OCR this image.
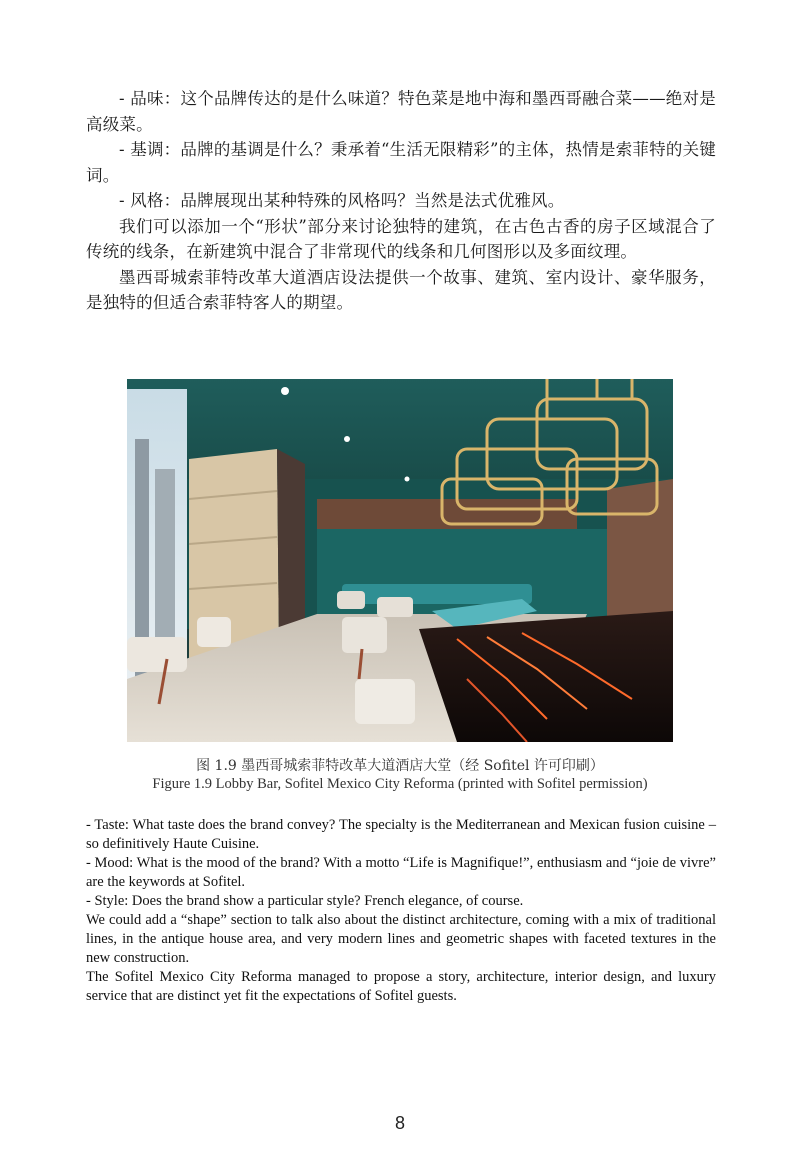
- 品味：这个品牌传达的是什么味道？特色菜是地中海和墨西哥融合菜——绝对是高级菜。

- 基调：品牌的基调是什么？秉承着“生活无限精彩”的主体，热情是索菲特的关键词。

- 风格：品牌展现出某种特殊的风格吗？当然是法式优雅风。

我们可以添加一个“形状”部分来讨论独特的建筑，在古色古香的房子区域混合了传统的线条，在新建筑中混合了非常现代的线条和几何图形以及多面纹理。

墨西哥城索菲特改革大道酒店设法提供一个故事、建筑、室内设计、豪华服务，是独特的但适合索菲特客人的期望。

图 1.9 墨西哥城索菲特改革大道酒店大堂（经 Sofitel 许可印刷）
Figure 1.9 Lobby Bar, Sofitel Mexico City Reforma (printed with Sofitel permission)

- Taste: What taste does the brand convey? The specialty is the Mediterranean and Mexican fusion cuisine – so definitively Haute Cuisine.

- Mood: What is the mood of the brand? With a motto “Life is Magnifique!”, enthusiasm and “joie de vivre” are the keywords at Sofitel.

- Style: Does the brand show a particular style? French elegance, of course.

We could add a “shape” section to talk also about the distinct architecture, coming with a mix of traditional lines, in the antique house area, and very modern lines and geometric shapes with faceted textures in the new construction.

The Sofitel Mexico City Reforma managed to propose a story, architecture, interior design, and luxury service that are distinct yet fit the expectations of Sofitel guests.

8
